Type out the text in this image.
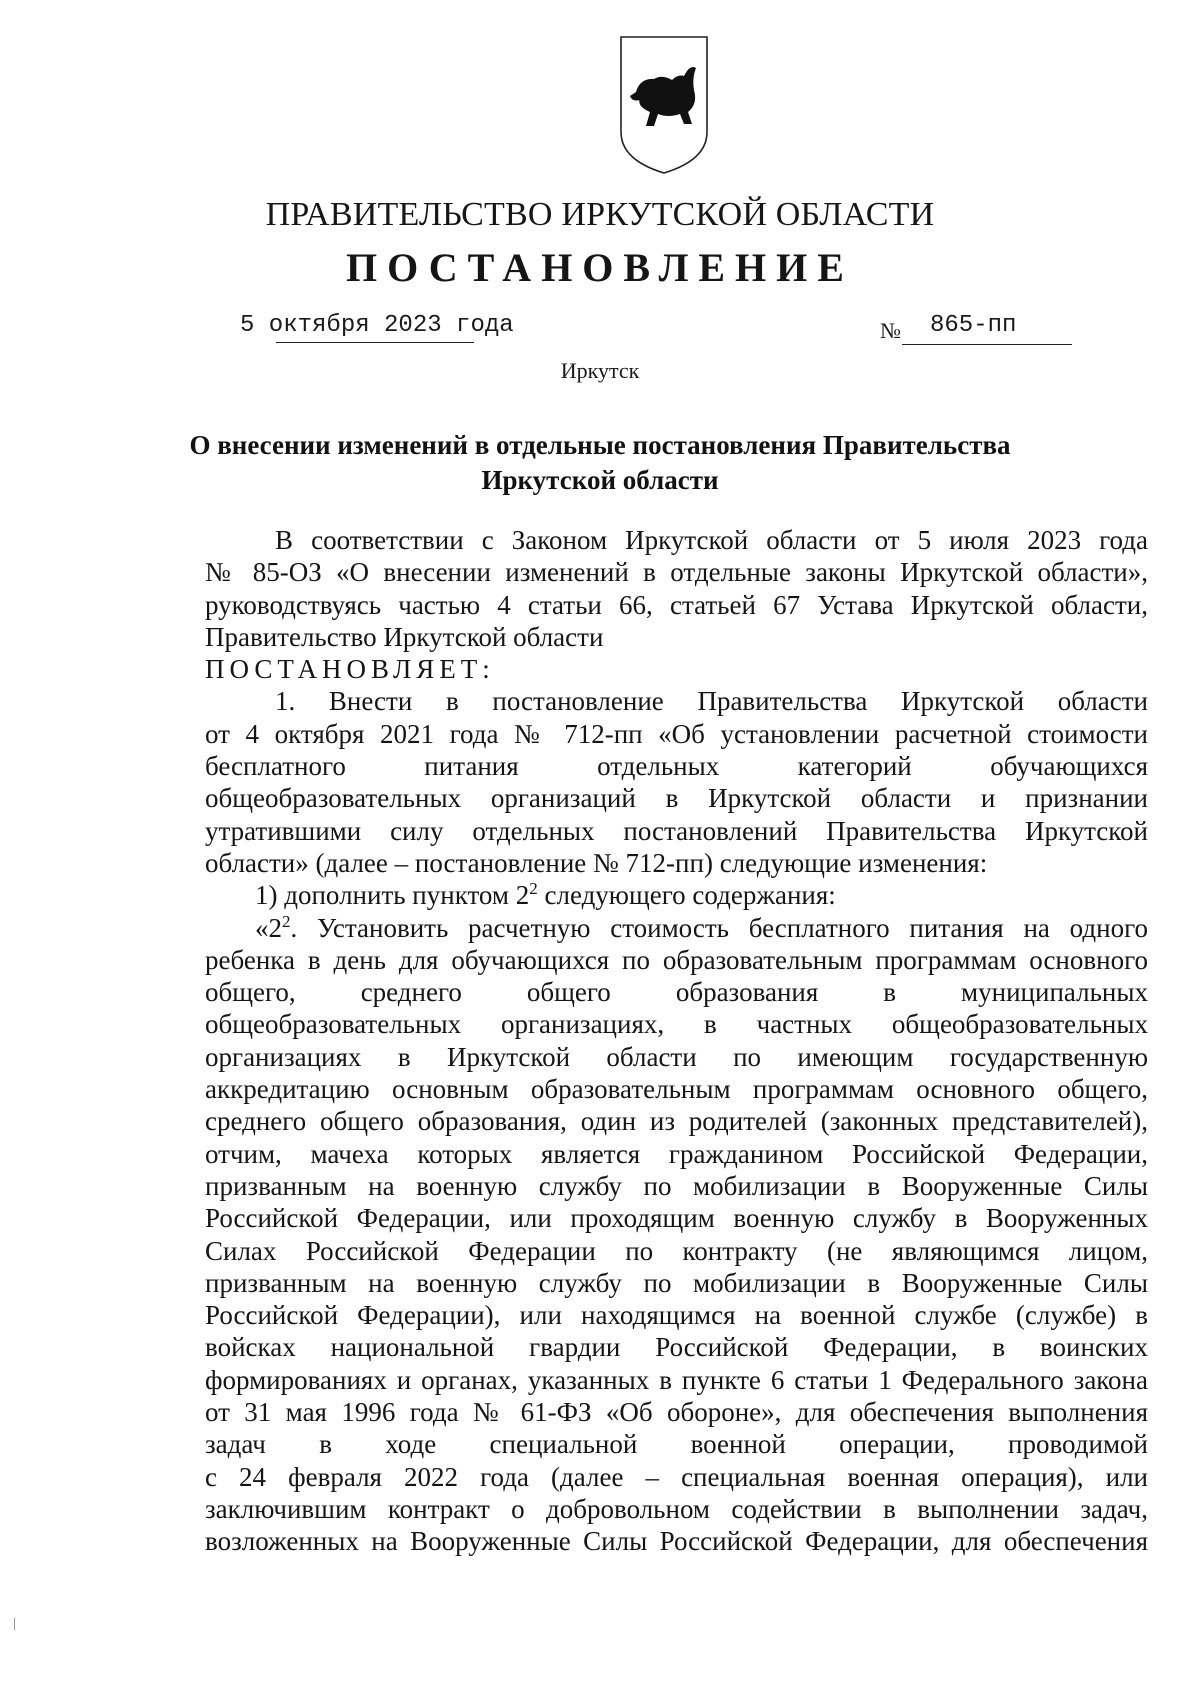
ПРАВИТЕЛЬСТВО ИРКУТСКОЙ ОБЛАСТИ
ПОСТАНОВЛЕНИЕ
5 октября 2023 года	№ 865-пп
Иркутск
О внесении изменений в отдельные постановления Правительства
Иркутской области

В соответствии с Законом Иркутской области от 5 июля 2023 года

№ 85-ОЗ «О внесении изменений в отдельные законы Иркутской области»,

руководствуясь частью 4 статьи 66, статьей 67 Устава Иркутской области,

Правительство Иркутской области

ПОСТАНОВЛЯЕТ:

1. Внести в постановление Правительства Иркутской области

от 4 октября 2021 года № 712-пп «Об установлении расчетной стоимости

бесплатного питания отдельных категорий обучающихся

общеобразовательных организаций в Иркутской области и признании

утратившими силу отдельных постановлений Правительства Иркутской

области» (далее – постановление № 712-пп) следующие изменения:

1) дополнить пунктом $2^2$ следующего содержания:

«$2^2$. Установить расчетную стоимость бесплатного питания на одного

ребенка в день для обучающихся по образовательным программам основного

общего, среднего общего образования в муниципальных

общеобразовательных организациях, в частных общеобразовательных

организациях в Иркутской области по имеющим государственную

аккредитацию основным образовательным программам основного общего,

среднего общего образования, один из родителей (законных представителей),

отчим, мачеха которых является гражданином Российской Федерации,

призванным на военную службу по мобилизации в Вооруженные Силы

Российской Федерации, или проходящим военную службу в Вооруженных

Силах Российской Федерации по контракту (не являющимся лицом,

призванным на военную службу по мобилизации в Вооруженные Силы

Российской Федерации), или находящимся на военной службе (службе) в

войсках национальной гвардии Российской Федерации, в воинских

формированиях и органах, указанных в пункте 6 статьи 1 Федерального закона

от 31 мая 1996 года № 61-ФЗ «Об обороне», для обеспечения выполнения

задач в ходе специальной военной операции, проводимой

с 24 февраля 2022 года (далее – специальная военная операция), или

заключившим контракт о добровольном содействии в выполнении задач,

возложенных на Вооруженные Силы Российской Федерации, для обеспечения
